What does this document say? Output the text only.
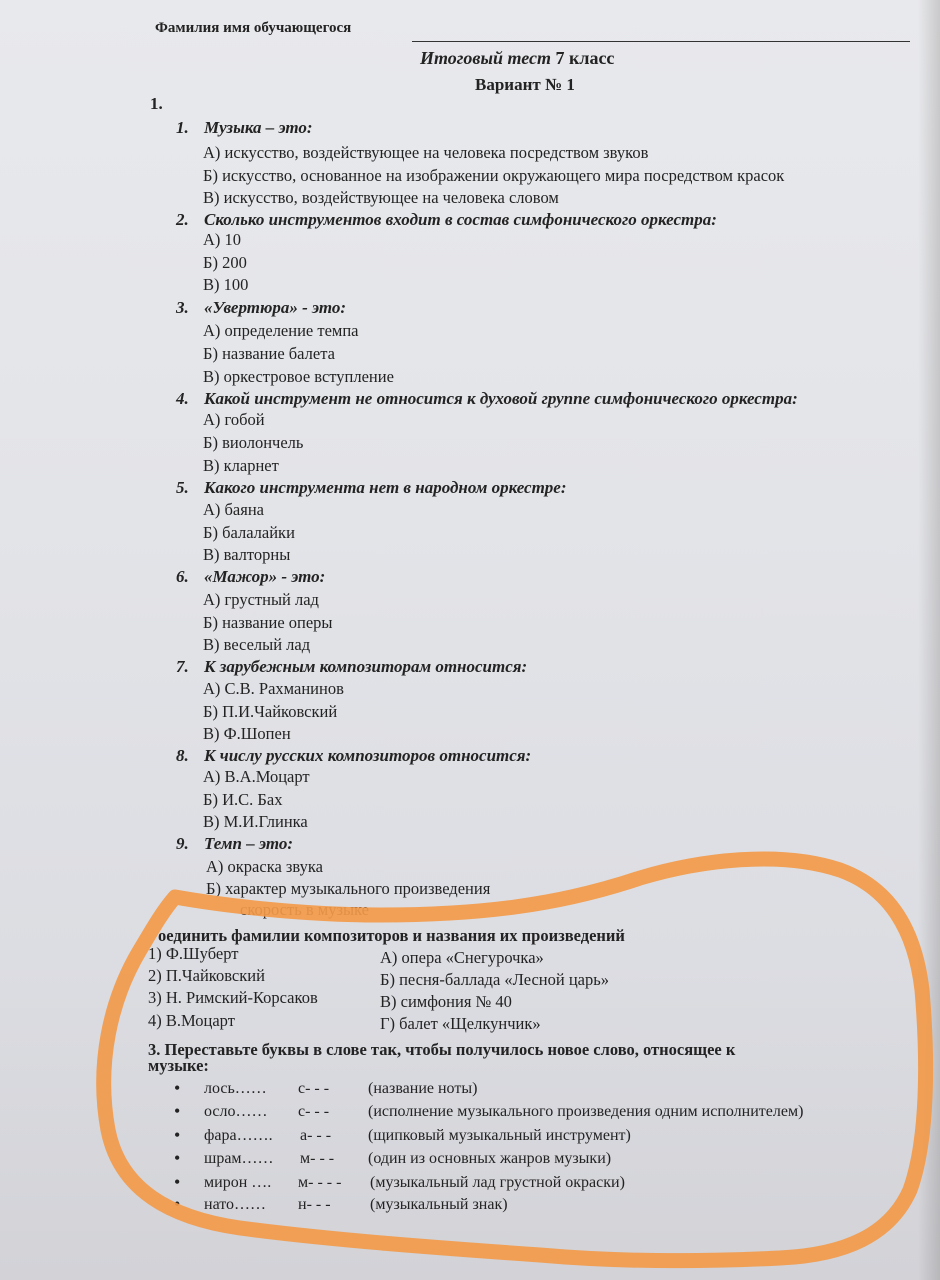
Фамилия имя обучающегося
Итоговый тест 7 класс
Вариант № 1
1.
1. Музыка – это:
А) искусство, воздействующее на человека посредством звуков
Б) искусство, основанное на изображении окружающего мира посредством красок
В) искусство, воздействующее на человека словом
2. Сколько инструментов входит в состав симфонического оркестра:
А) 10
Б) 200
В) 100
3. «Увертюра» - это:
А) определение темпа
Б) название балета
В) оркестровое вступление
4. Какой инструмент не относится к духовой группе симфонического оркестра:
А) гобой
Б) виолончель
В) кларнет
5. Какого инструмента нет в народном оркестре:
А) баяна
Б) балалайки
В) валторны
6. «Мажор» - это:
А) грустный лад
Б) название оперы
В) веселый лад
7. К зарубежным композиторам относится:
А) С.В. Рахманинов
Б) П.И.Чайковский
В) Ф.Шопен
8. К числу русских композиторов относится:
А) В.А.Моцарт
Б) И.С. Бах
В) М.И.Глинка
9. Темп – это:
А) окраска звука
Б) характер музыкального произведения
скорость в музыке
оединить фамилии композиторов и названия их произведений
1) Ф.Шуберт
2) П.Чайковский
3) Н. Римский-Корсаков
4) В.Моцарт
А) опера «Снегурочка»
Б) песня-баллада «Лесной царь»
В) симфония № 40
Г) балет «Щелкунчик»
3. Переставьте буквы в слове так, чтобы получилось новое слово, относящее к
музыке:
• лось…… с- - - (название ноты)
• осло…… с- - - (исполнение музыкального произведения одним исполнителем)
• фара……. а- - - (щипковый музыкальный инструмент)
• шрам…… м- - - (один из основных жанров музыки)
• мирон …. м- - - - (музыкальный лад грустной окраски)
• нато…… н- - - (музыкальный знак)
